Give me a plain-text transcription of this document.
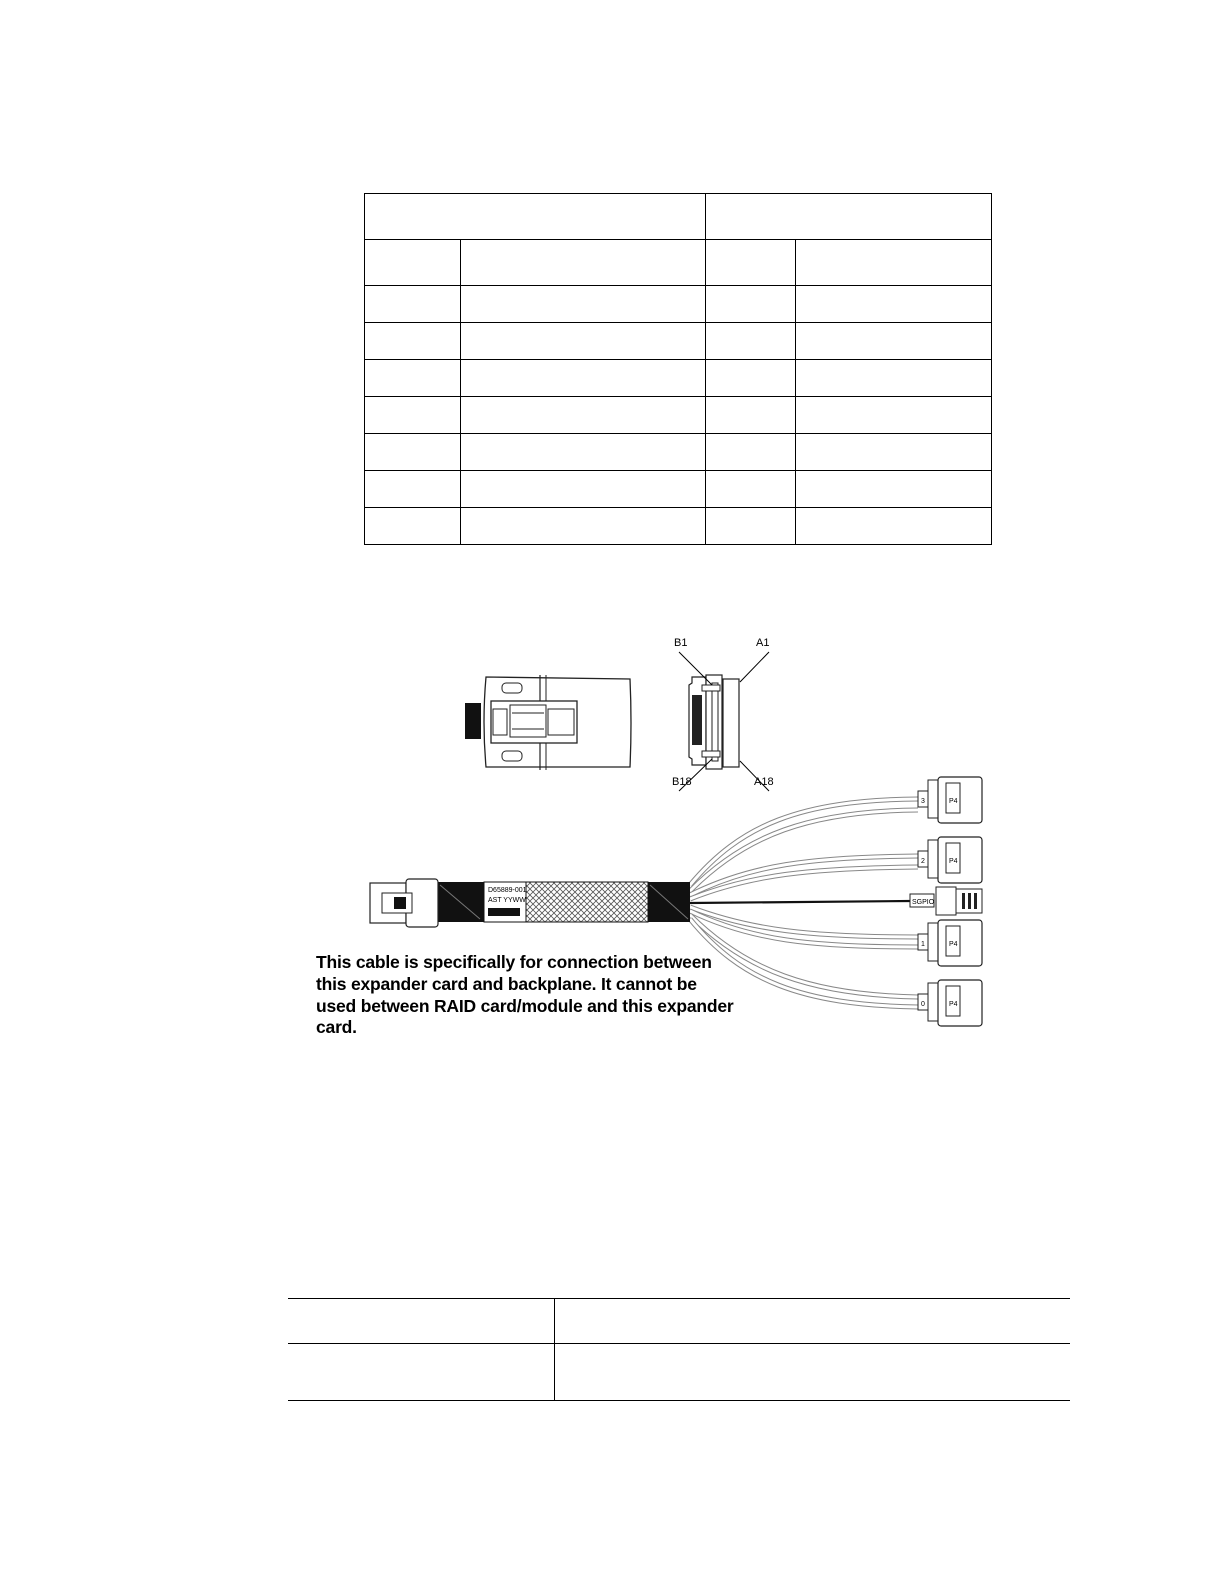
B1	A1
B18	A18
D65889-001
AST YYWW
3	P4
2	P4
SGPIO
1	P4
0	P4
This cable is specifically for connection between this expander card and backplane. It cannot be used between RAID card/module and this expander card.
